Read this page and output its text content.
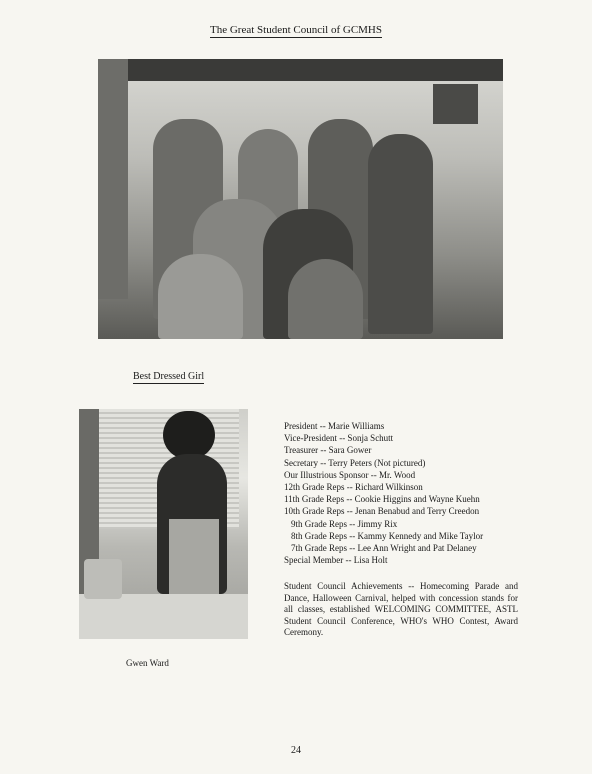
The Great Student Council of GCMHS
Best Dressed Girl
President -- Marie Williams
Vice-President -- Sonja Schutt
Treasurer -- Sara Gower
Secretary -- Terry Peters (Not pictured)
Our Illustrious Sponsor -- Mr. Wood
12th Grade Reps -- Richard Wilkinson
11th Grade Reps -- Cookie Higgins and Wayne Kuehn
10th Grade Reps -- Jenan Benabud and Terry Creedon
9th Grade Reps -- Jimmy Rix
8th Grade Reps -- Kammy Kennedy and Mike Taylor
7th Grade Reps -- Lee Ann Wright and Pat Delaney
Special Member -- Lisa Holt
Student Council Achievements -- Homecoming Parade and Dance, Halloween Carnival, helped with concession stands for all classes, established WELCOMING COMMITTEE, ASTL Student Council Conference, WHO's WHO Contest, Award Ceremony.
Gwen Ward
24
